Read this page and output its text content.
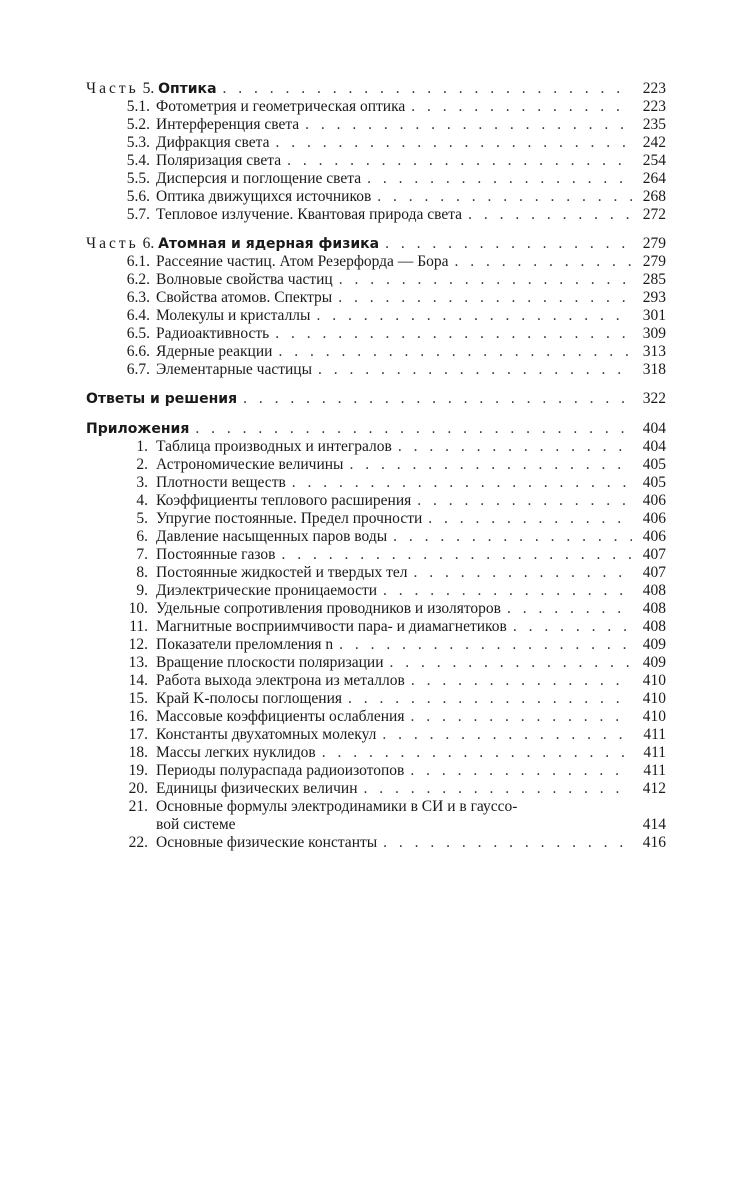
Часть 5. Оптика . . .	223
5.1. Фотометрия и геометрическая оптика . . .	223
5.2. Интерференция света . . .	235
5.3. Дифракция света . . .	242
5.4. Поляризация света . . .	254
5.5. Дисперсия и поглощение света . . .	264
5.6. Оптика движущихся источников . . .	268
5.7. Тепловое излучение. Квантовая природа света . . .	272
Часть 6. Атомная и ядерная физика . . .	279
6.1. Рассеяние частиц. Атом Резерфорда — Бора . . .	279
6.2. Волновые свойства частиц . . .	285
6.3. Свойства атомов. Спектры . . .	293
6.4. Молекулы и кристаллы . . .	301
6.5. Радиоактивность . . .	309
6.6. Ядерные реакции . . .	313
6.7. Элементарные частицы . . .	318
Ответы и решения . . .	322
Приложения . . .	404
1. Таблица производных и интегралов . . .	404
2. Астрономические величины . . .	405
3. Плотности веществ . . .	405
4. Коэффициенты теплового расширения . . .	406
5. Упругие постоянные. Предел прочности . . .	406
6. Давление насыщенных паров воды . . .	406
7. Постоянные газов . . .	407
8. Постоянные жидкостей и твердых тел . . .	407
9. Диэлектрические проницаемости . . .	408
10. Удельные сопротивления проводников и изоляторов . . .	408
11. Магнитные восприимчивости пара- и диамагнетиков . . .	408
12. Показатели преломления n . . .	409
13. Вращение плоскости поляризации . . .	409
14. Работа выхода электрона из металлов . . .	410
15. Край K-полосы поглощения . . .	410
16. Массовые коэффициенты ослабления . . .	410
17. Константы двухатомных молекул . . .	411
18. Массы легких нуклидов . . .	411
19. Периоды полураспада радиоизотопов . . .	411
20. Единицы физических величин . . .	412
21. Основные формулы электродинамики в СИ и в гауссо-
вой системе	414
22. Основные физические константы . . .	416
